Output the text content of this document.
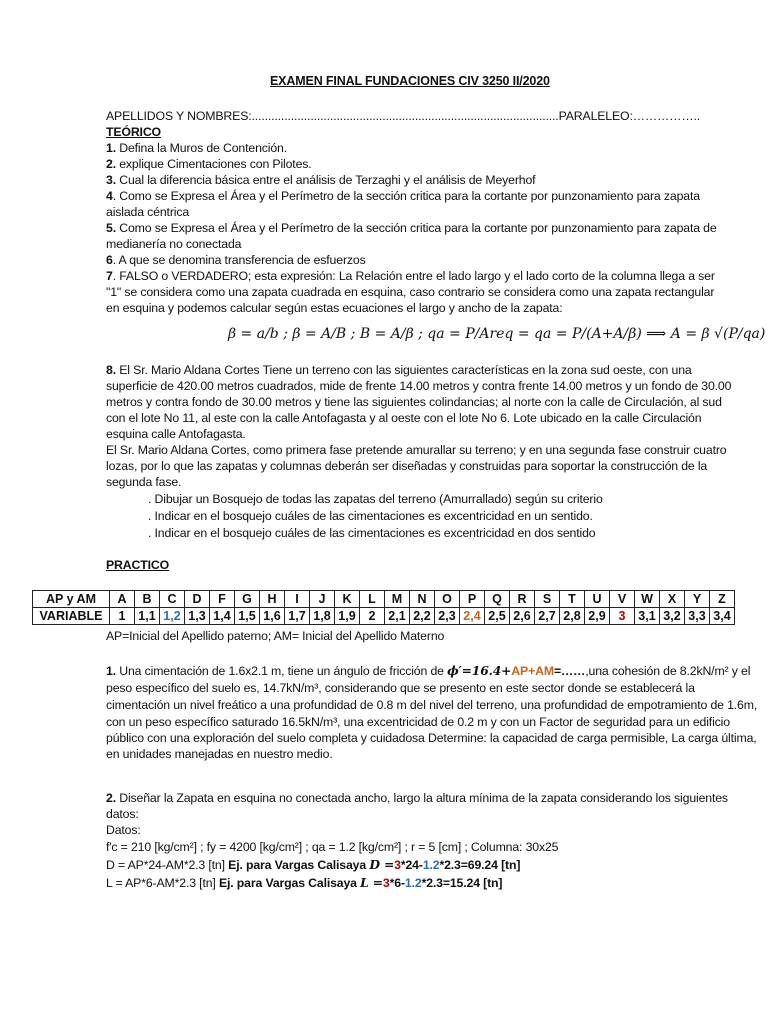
EXAMEN FINAL FUNDACIONES CIV 3250 II/2020
APELLIDOS Y NOMBRES:..............................................................................................PARALELEO:……………..
TEÓRICO
1. Defina la Muros de Contención.
2. explique Cimentaciones con Pilotes.
3. Cual la diferencia básica entre el análisis de Terzaghi y el análisis de Meyerhof
4. Como se Expresa el Área y el Perímetro de la sección critica para la cortante por punzonamiento para zapata
aislada céntrica
5. Como se Expresa el Área y el Perímetro de la sección critica para la cortante por punzonamiento para zapata de
medianería no conectada
6. A que se denomina transferencia de esfuerzos
7. FALSO o VERDADERO; esta expresión: La Relación entre el lado largo y el lado corto de la columna llega a ser
"1" se considera como una zapata cuadrada en esquina, caso contrario se considera como una zapata rectangular
en esquina y podemos calcular según estas ecuaciones el largo y ancho de la zapata:
β = a/b ; β = A/B ; B = A/β ; qa = P/Areq = qa = P/(A+A/β) ⟹ A = β √(P/qa)
8. El Sr. Mario Aldana Cortes Tiene un terreno con las siguientes características en la zona sud oeste, con una
superficie de 420.00 metros cuadrados, mide de frente 14.00 metros y contra frente 14.00 metros y un fondo de 30.00
metros y contra fondo de 30.00 metros y tiene las siguientes colindancias; al norte con la calle de Circulación, al sud
con el lote No 11, al este con la calle Antofagasta y al oeste con el lote No 6. Lote ubicado en la calle Circulación
esquina calle Antofagasta.
El Sr. Mario Aldana Cortes, como primera fase pretende amurallar su terreno; y en una segunda fase construir cuatro
lozas, por lo que las zapatas y columnas deberán ser diseñadas y construidas para soportar la construcción de la
segunda fase.
. Dibujar un Bosquejo de todas las zapatas del terreno (Amurrallado) según su criterio
. Indicar en el bosquejo cuáles de las cimentaciones es excentricidad en un sentido.
. Indicar en el bosquejo cuáles de las cimentaciones es excentricidad en dos sentido
PRACTICO
AP y AM	A	B	C	D	F	G	H	I	J	K	L	M	N	O	P	Q	R	S	T	U	V	W	X	Y	Z
VARIABLE	1	1,1	1,2	1,3	1,4	1,5	1,6	1,7	1,8	1,9	2	2,1	2,2	2,3	2,4	2,5	2,6	2,7	2,8	2,9	3	3,1	3,2	3,3	3,4
AP=Inicial del Apellido paterno; AM= Inicial del Apellido Materno
1. Una cimentación de 1.6x2.1 m, tiene un ángulo de fricción de ϕ′=16.4+AP+AM=……,una cohesión de 8.2kN/m² y el
peso específico del suelo es, 14.7kN/m³, considerando que se presento en este sector donde se establecerá la
cimentación un nivel freático a una profundidad de 0.8 m del nivel del terreno, una profundidad de empotramiento de 1.6m,
con un peso específico saturado 16.5kN/m³, una excentricidad de 0.2 m y con un Factor de seguridad para un edificio
público con una exploración del suelo completa y cuidadosa Determine: la capacidad de carga permisible, La carga última,
en unidades manejadas en nuestro medio.
2. Diseñar la Zapata en esquina no conectada ancho, largo la altura mínima de la zapata considerando los siguientes
datos:
Datos:
f′c = 210 [kg/cm²] ; fy = 4200 [kg/cm²] ; qa = 1.2 [kg/cm²] ; r = 5 [cm] ; Columna: 30x25
D = AP*24-AM*2.3 [tn] Ej. para Vargas Calisaya D =3*24-1.2*2.3=69.24 [tn]
L = AP*6-AM*2.3 [tn] Ej. para Vargas Calisaya L =3*6-1.2*2.3=15.24 [tn]
